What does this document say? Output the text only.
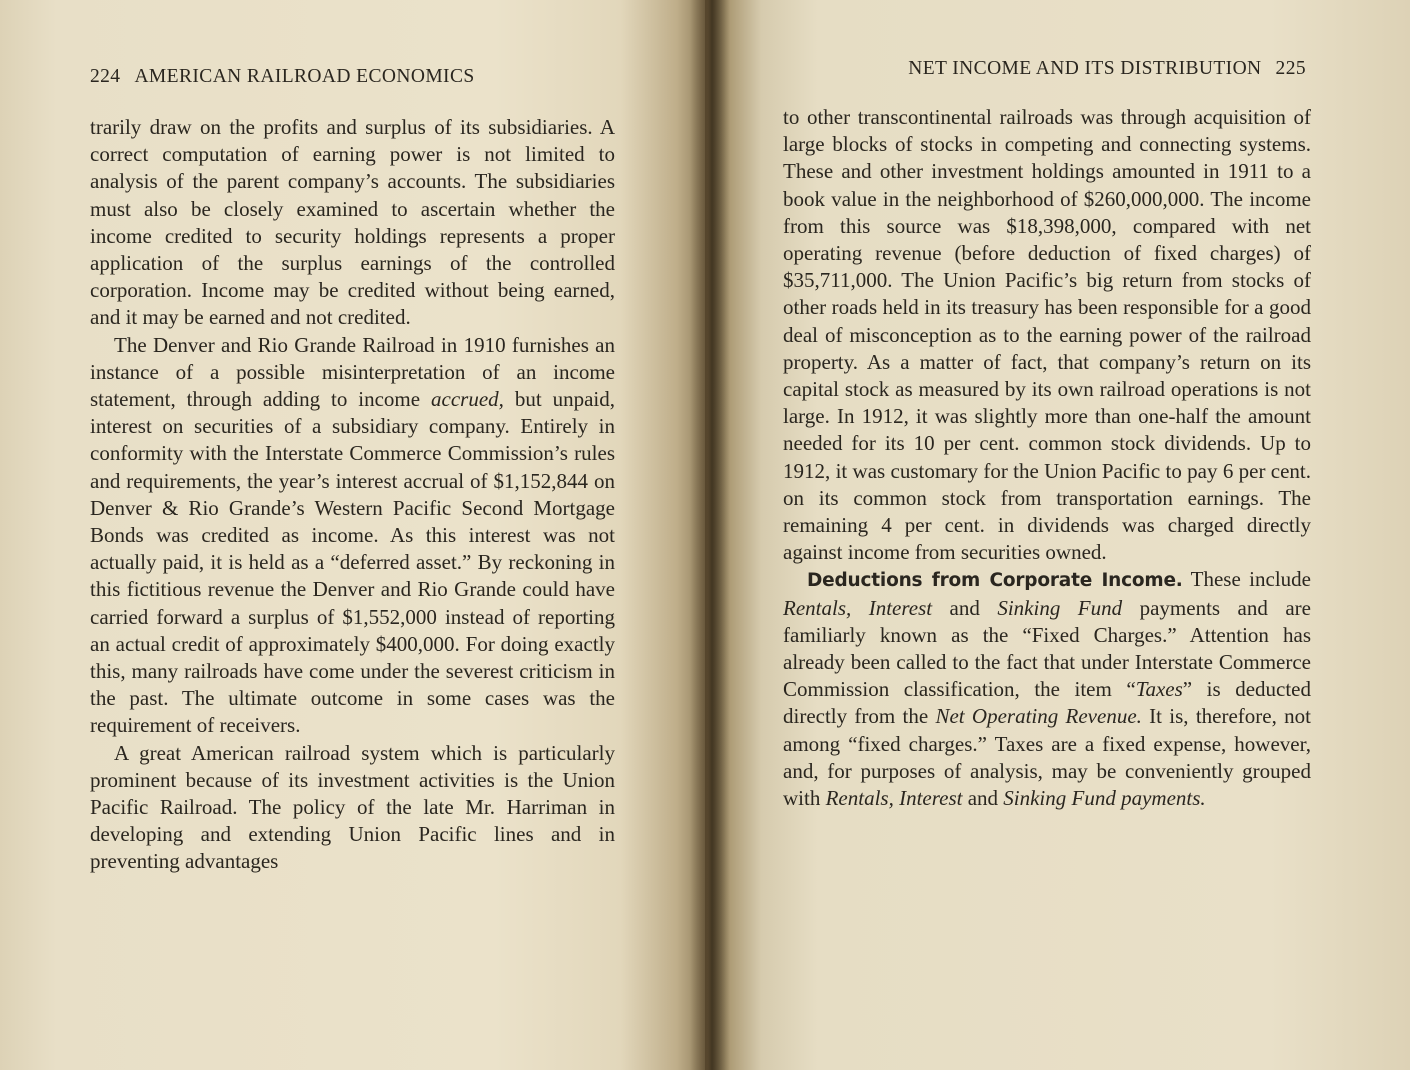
224 AMERICAN RAILROAD ECONOMICS

trarily draw on the profits and surplus of its subsidiaries. A correct computation of earning power is not limited to analysis of the parent company’s accounts. The subsidiaries must also be closely examined to ascertain whether the income credited to security holdings represents a proper application of the surplus earnings of the controlled corporation. Income may be credited without being earned, and it may be earned and not credited.

The Denver and Rio Grande Railroad in 1910 furnishes an instance of a possible misinterpretation of an income statement, through adding to income accrued, but unpaid, interest on securities of a subsidiary company. Entirely in conformity with the Interstate Commerce Commission’s rules and requirements, the year’s interest accrual of $1,152,844 on Denver & Rio Grande’s Western Pacific Second Mortgage Bonds was credited as income. As this interest was not actually paid, it is held as a “deferred asset.” By reckoning in this fictitious revenue the Denver and Rio Grande could have carried forward a surplus of $1,552,000 instead of reporting an actual credit of approximately $400,000. For doing exactly this, many railroads have come under the severest criticism in the past. The ultimate outcome in some cases was the requirement of receivers.

A great American railroad system which is particularly prominent because of its investment activities is the Union Pacific Railroad. The policy of the late Mr. Harriman in developing and extending Union Pacific lines and in preventing advantages

NET INCOME AND ITS DISTRIBUTION 225

to other transcontinental railroads was through acquisition of large blocks of stocks in competing and connecting systems. These and other investment holdings amounted in 1911 to a book value in the neighborhood of $260,000,000. The income from this source was $18,398,000, compared with net operating revenue (before deduction of fixed charges) of $35,711,000. The Union Pacific’s big return from stocks of other roads held in its treasury has been responsible for a good deal of misconception as to the earning power of the railroad property. As a matter of fact, that company’s return on its capital stock as measured by its own railroad operations is not large. In 1912, it was slightly more than one-half the amount needed for its 10 per cent. common stock dividends. Up to 1912, it was customary for the Union Pacific to pay 6 per cent. on its common stock from transportation earnings. The remaining 4 per cent. in dividends was charged directly against income from securities owned.

Deductions from Corporate Income. These include Rentals, Interest and Sinking Fund payments and are familiarly known as the “Fixed Charges.” Attention has already been called to the fact that under Interstate Commerce Commission classification, the item “Taxes” is deducted directly from the Net Operating Revenue. It is, therefore, not among “fixed charges.” Taxes are a fixed expense, however, and, for purposes of analysis, may be conveniently grouped with Rentals, Interest and Sinking Fund payments.
